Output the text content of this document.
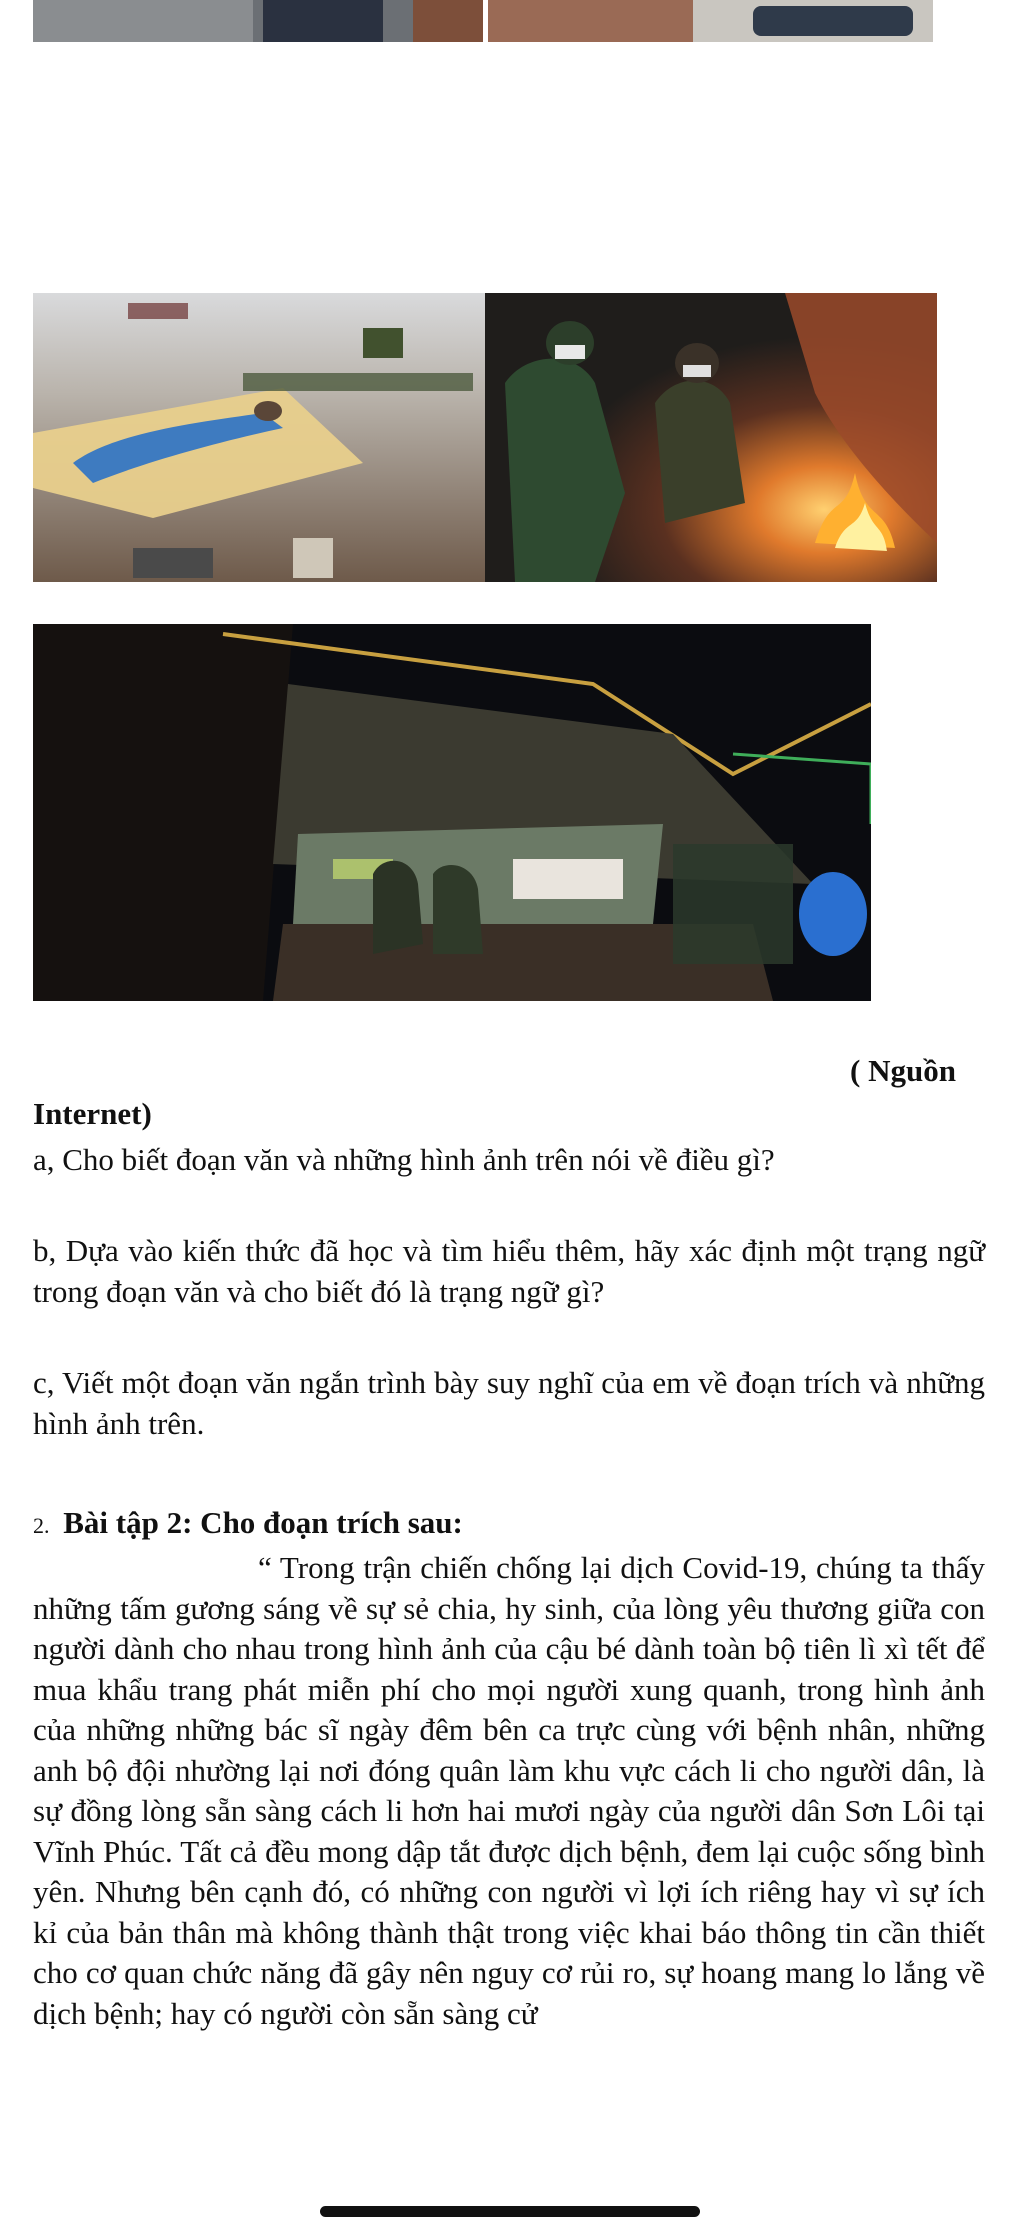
( Nguồn
Internet)
a, Cho biết đoạn văn và những hình ảnh trên nói về điều gì?
b, Dựa vào kiến thức đã học và tìm hiểu thêm, hãy xác định một trạng ngữ trong đoạn văn và cho biết đó là trạng ngữ gì?
c, Viết một đoạn văn ngắn trình bày suy nghĩ của em về đoạn trích và những hình ảnh trên.
2. Bài tập 2: Cho đoạn trích sau:
“ Trong trận chiến chống lại dịch Covid-19, chúng ta thấy những tấm gương sáng về sự sẻ chia, hy sinh, của lòng yêu thương giữa con người dành cho nhau trong hình ảnh của cậu bé dành toàn bộ tiên lì xì tết để mua khẩu trang phát miễn phí cho mọi người xung quanh, trong hình ảnh của những những bác sĩ ngày đêm bên ca trực cùng với bệnh nhân, những anh bộ đội nhường lại nơi đóng quân làm khu vực cách li cho người dân, là sự đồng lòng sẵn sàng cách li hơn hai mươi ngày của người dân Sơn Lôi tại Vĩnh Phúc. Tất cả đều mong dập tắt được dịch bệnh, đem lại cuộc sống bình yên. Nhưng bên cạnh đó, có những con người vì lợi ích riêng hay vì sự ích kỉ của bản thân mà không thành thật trong việc khai báo thông tin cần thiết cho cơ quan chức năng đã gây nên nguy cơ rủi ro, sự hoang mang lo lắng về dịch bệnh; hay có người còn sẵn sàng cử
